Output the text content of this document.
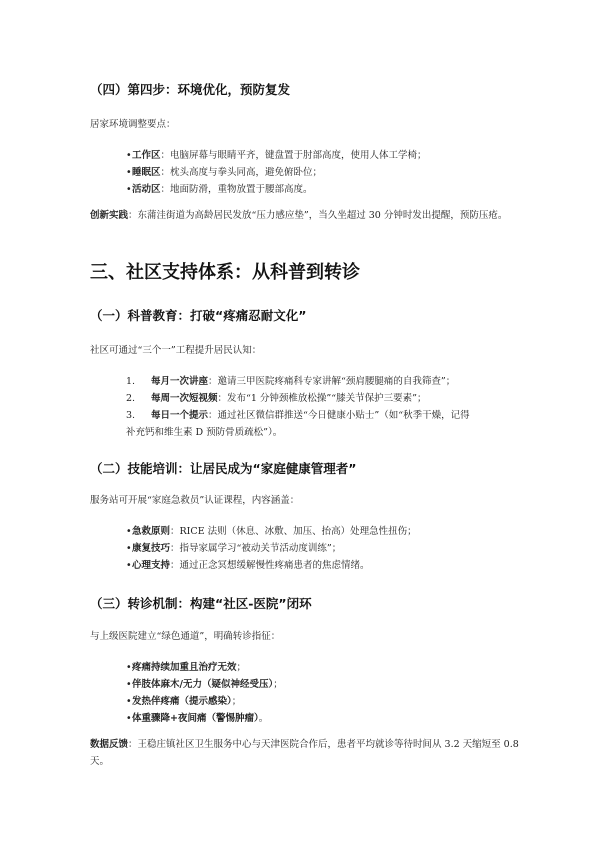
（四）第四步：环境优化，预防复发

居家环境调整要点：

•工作区：电脑屏幕与眼睛平齐，键盘置于肘部高度，使用人体工学椅；
•睡眠区：枕头高度与拳头同高，避免俯卧位；
•活动区：地面防滑，重物放置于腰部高度。

创新实践：东蒲洼街道为高龄居民发放“压力感应垫”，当久坐超过 30 分钟时发出提醒，预防压疮。

三、社区支持体系：从科普到转诊
（一）科普教育：打破“疼痛忍耐文化”

社区可通过“三个一”工程提升居民认知：

1. 每月一次讲座：邀请三甲医院疼痛科专家讲解“颈肩腰腿痛的自我筛查”；
2. 每周一次短视频：发布“1 分钟颈椎放松操”“膝关节保护三要素”；
3. 每日一个提示：通过社区微信群推送“今日健康小贴士”（如“秋季干燥，记得
补充钙和维生素 D 预防骨质疏松”）。
（二）技能培训：让居民成为“家庭健康管理者”

服务站可开展“家庭急救员”认证课程，内容涵盖：

•急救原则：RICE 法则（休息、冰敷、加压、抬高）处理急性扭伤；
•康复技巧：指导家属学习“被动关节活动度训练”；
•心理支持：通过正念冥想缓解慢性疼痛患者的焦虑情绪。
（三）转诊机制：构建“社区-医院”闭环

与上级医院建立“绿色通道”，明确转诊指征：

•疼痛持续加重且治疗无效；
•伴肢体麻木/无力（疑似神经受压）；
•发热伴疼痛（提示感染）；
•体重骤降+夜间痛（警惕肿瘤）。

数据反馈：王稳庄镇社区卫生服务中心与天津医院合作后，患者平均就诊等待时间从 3.2 天缩短至 0.8 天。
